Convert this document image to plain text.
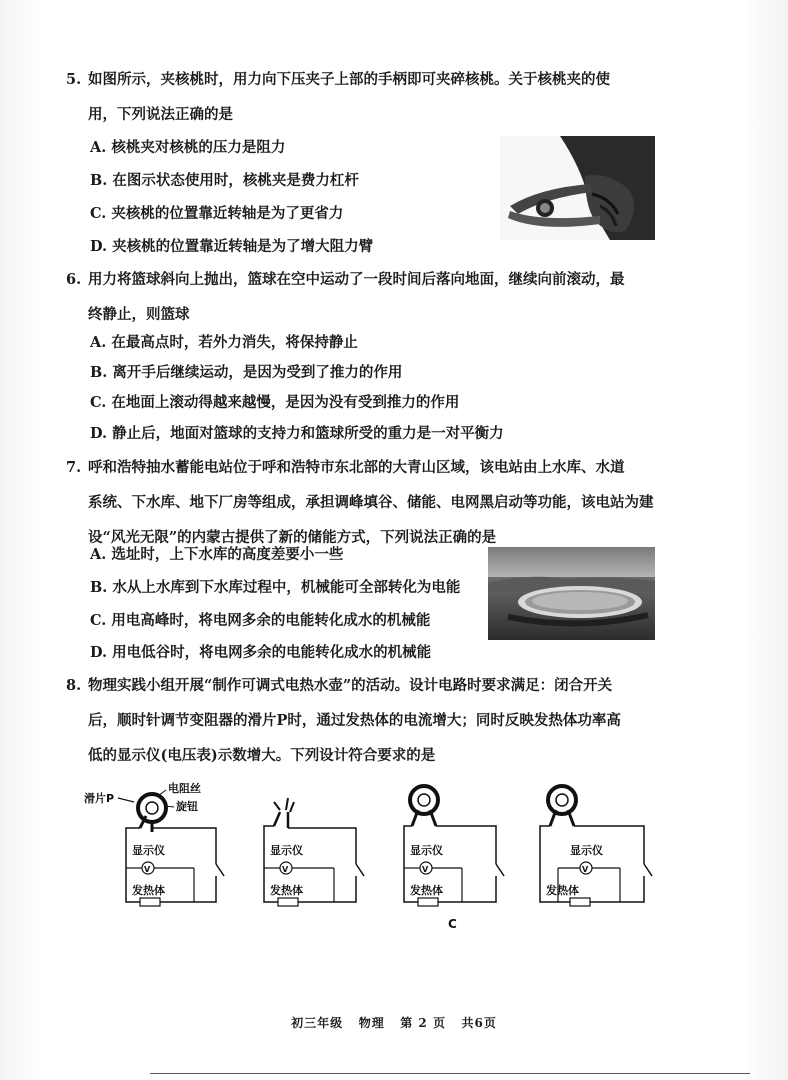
5. 如图所示，夹核桃时，用力向下压夹子上部的手柄即可夹碎核桃。关于核桃夹的使
用，下列说法正确的是
A. 核桃夹对核桃的压力是阻力
B. 在图示状态使用时，核桃夹是费力杠杆
C. 夹核桃的位置靠近转轴是为了更省力
D. 夹核桃的位置靠近转轴是为了增大阻力臂
6. 用力将篮球斜向上抛出，篮球在空中运动了一段时间后落向地面，继续向前滚动，最
终静止，则篮球
A. 在最高点时，若外力消失，将保持静止
B. 离开手后继续运动，是因为受到了推力的作用
C. 在地面上滚动得越来越慢，是因为没有受到推力的作用
D. 静止后，地面对篮球的支持力和篮球所受的重力是一对平衡力
7. 呼和浩特抽水蓄能电站位于呼和浩特市东北部的大青山区域，该电站由上水库、水道
系统、下水库、地下厂房等组成，承担调峰填谷、储能、电网黑启动等功能，该电站为建
设“风光无限”的内蒙古提供了新的储能方式，下列说法正确的是
A. 选址时，上下水库的高度差要小一些
B. 水从上水库到下水库过程中，机械能可全部转化为电能
C. 用电高峰时，将电网多余的电能转化成水的机械能
D. 用电低谷时，将电网多余的电能转化成水的机械能
8. 物理实践小组开展“制作可调式电热水壶”的活动。设计电路时要求满足：闭合开关
后，顺时针调节变阻器的滑片P时，通过发热体的电流增大；同时反映发热体功率高
低的显示仪(电压表)示数增大。下列设计符合要求的是
滑片P
电阻丝
旋钮
显示仪
V
发热体
显示仪
V
发热体
显示仪
V
发热体
C
显示仪
V
发热体
初三年级 物理 第 2 页 共6页
